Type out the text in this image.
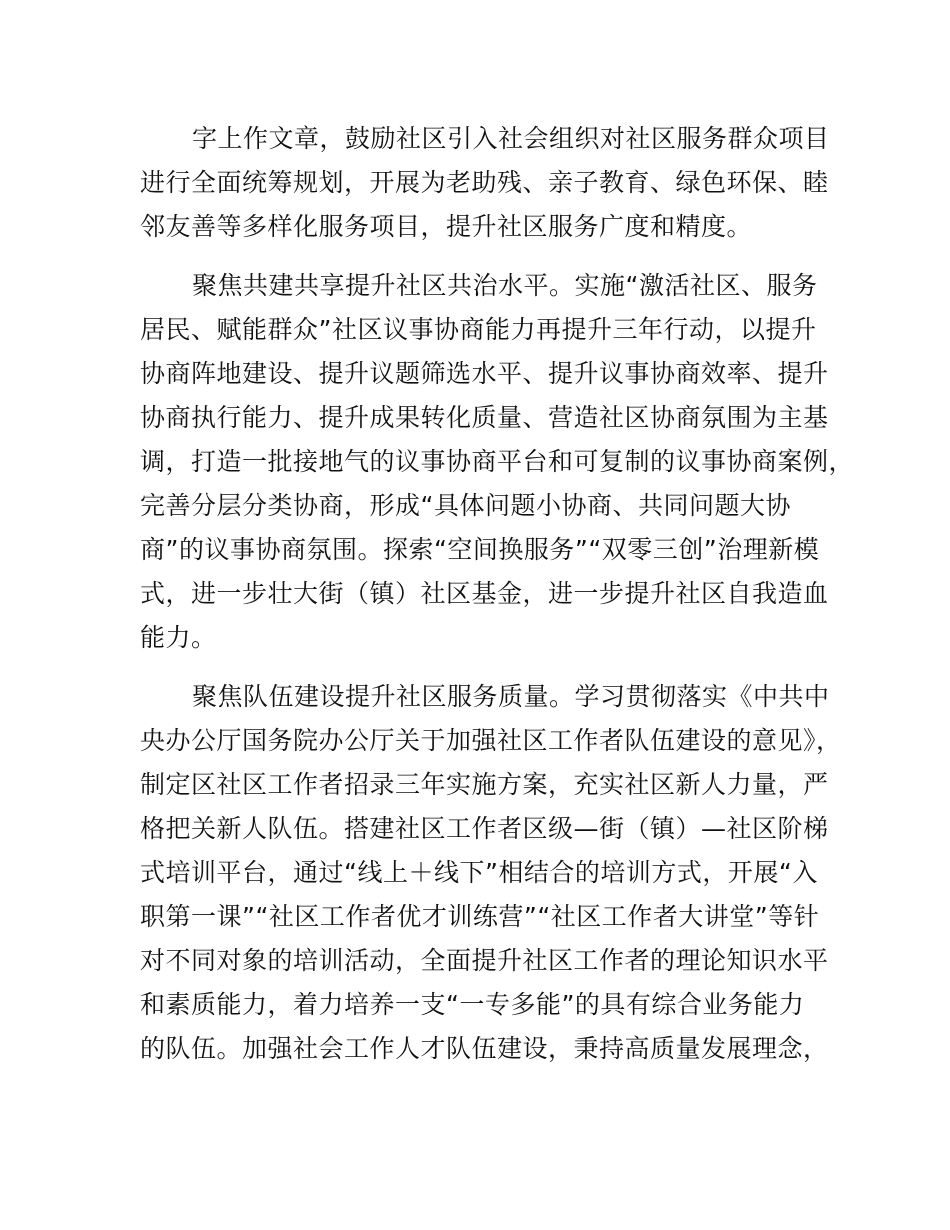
字上作文章，鼓励社区引入社会组织对社区服务群众项目
进行全面统筹规划，开展为老助残、亲子教育、绿色环保、睦
邻友善等多样化服务项目，提升社区服务广度和精度。
聚焦共建共享提升社区共治水平。实施“激活社区、服务
居民、赋能群众”社区议事协商能力再提升三年行动，以提升
协商阵地建设、提升议题筛选水平、提升议事协商效率、提升
协商执行能力、提升成果转化质量、营造社区协商氛围为主基
调，打造一批接地气的议事协商平台和可复制的议事协商案例，
完善分层分类协商，形成“具体问题小协商、共同问题大协
商”的议事协商氛围。探索“空间换服务”“双零三创”治理新模
式，进一步壮大街（镇）社区基金，进一步提升社区自我造血
能力。
聚焦队伍建设提升社区服务质量。学习贯彻落实《中共中
央办公厅国务院办公厅关于加强社区工作者队伍建设的意见》，
制定区社区工作者招录三年实施方案，充实社区新人力量，严
格把关新人队伍。搭建社区工作者区级—街（镇）—社区阶梯
式培训平台，通过“线上＋线下”相结合的培训方式，开展“入
职第一课”“社区工作者优才训练营”“社区工作者大讲堂”等针
对不同对象的培训活动，全面提升社区工作者的理论知识水平
和素质能力，着力培养一支“一专多能”的具有综合业务能力
的队伍。加强社会工作人才队伍建设，秉持高质量发展理念，
